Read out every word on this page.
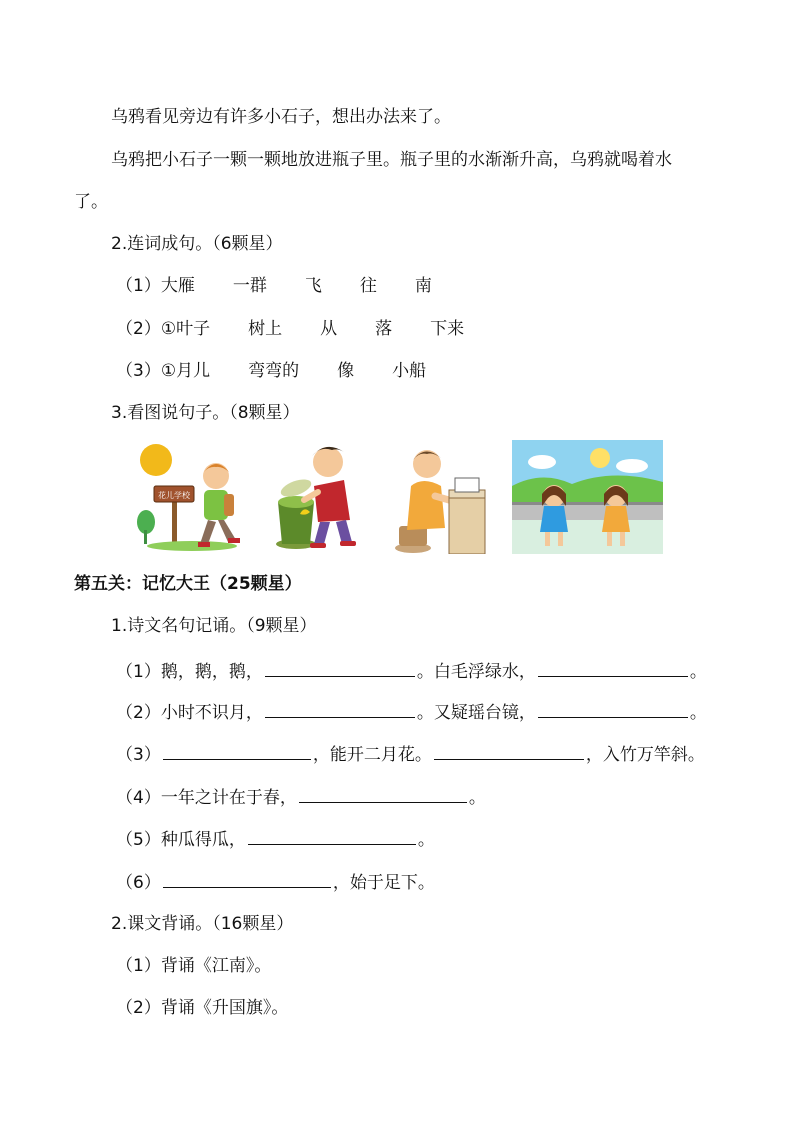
乌鸦看见旁边有许多小石子，想出办法来了。
乌鸦把小石子一颗一颗地放进瓶子里。瓶子里的水渐渐升高，乌鸦就喝着水
了。
2.连词成句。（6颗星）
（1）大雁 一群 飞 往 南
（2）①叶子 树上 从 落 下来
（3）①月儿 弯弯的 像 小船
3.看图说句子。（8颗星）
花儿学校
第五关：记忆大王（25颗星）
1.诗文名句记诵。（9颗星）
（1）鹅，鹅，鹅，	。白毛浮绿水，	。
（2）小时不识月，	。又疑瑶台镜，	。
（3）	，能开二月花。	，入竹万竿斜。
（4）一年之计在于春，	。
（5）种瓜得瓜，	。
（6）	，始于足下。
2.课文背诵。（16颗星）
（1）背诵《江南》。
（2）背诵《升国旗》。
